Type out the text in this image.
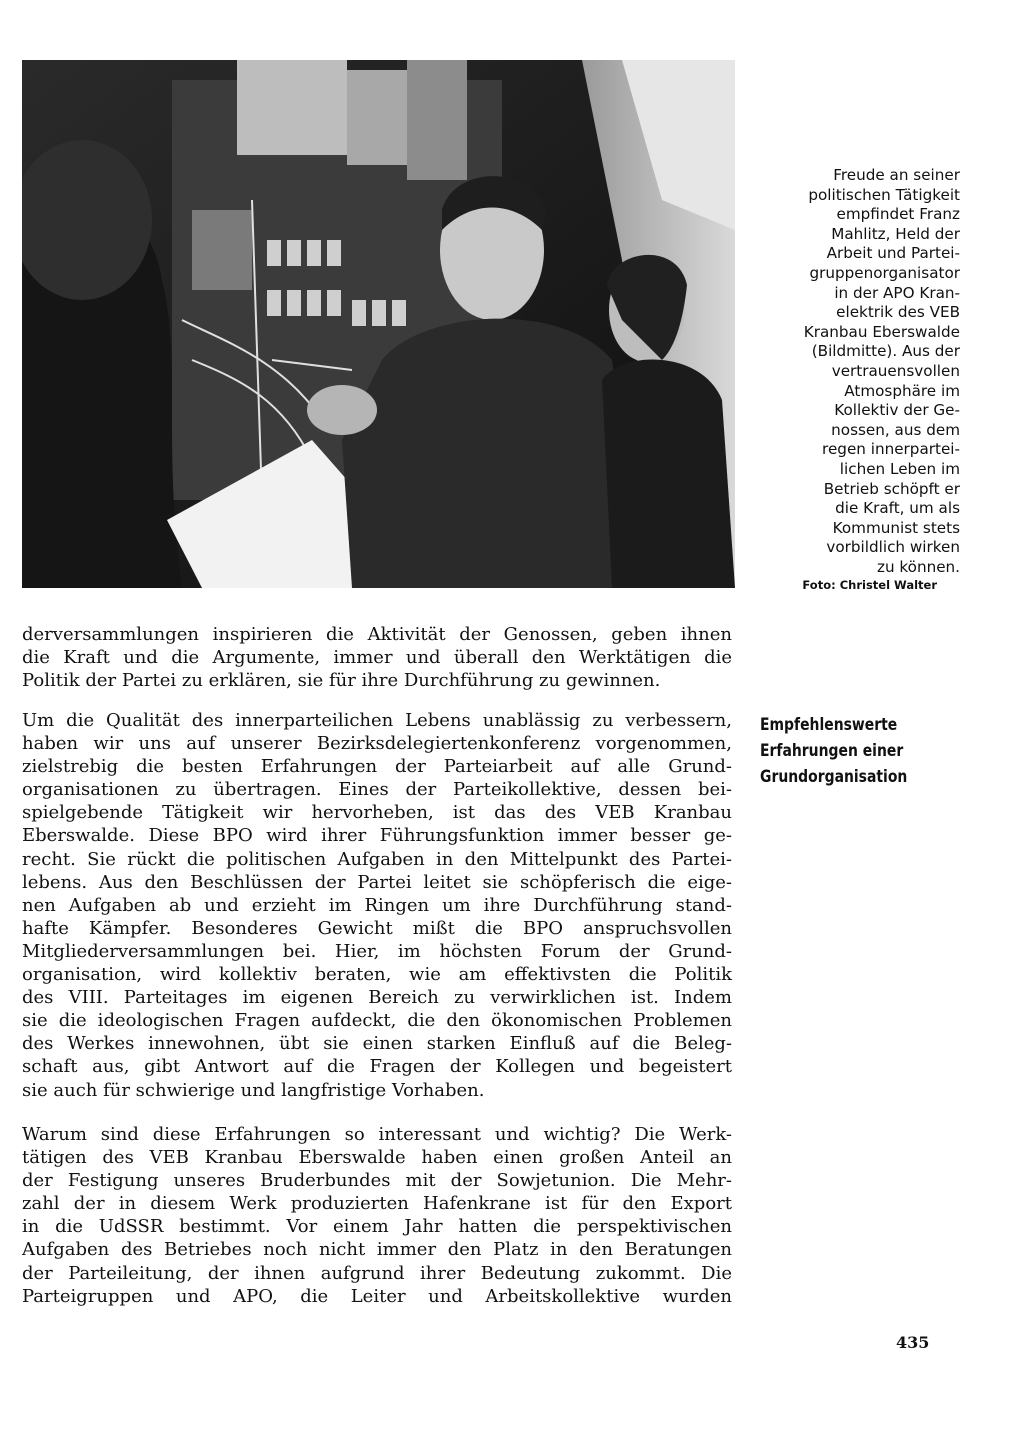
Freude an seiner
politischen Tätigkeit
empfindet Franz
Mahlitz, Held der
Arbeit und Partei-
gruppenorganisator
in der APO Kran-
elektrik des VEB
Kranbau Eberswalde
(Bildmitte). Aus der
vertrauensvollen
Atmosphäre im
Kollektiv der Ge-
nossen, aus dem
regen innerpartei-
lichen Leben im
Betrieb schöpft er
die Kraft, um als
Kommunist stets
vorbildlich wirken
zu können.
Foto: Christel Walter
derversammlungen inspirieren die Aktivität der Genossen, geben ihnen
die Kraft und die Argumente, immer und überall den Werktätigen die
Politik der Partei zu erklären, sie für ihre Durchführung zu gewinnen.
Empfehlenswerte
Erfahrungen einer
Grundorganisation
Um die Qualität des innerparteilichen Lebens unablässig zu verbessern,
haben wir uns auf unserer Bezirksdelegiertenkonferenz vorgenommen,
zielstrebig die besten Erfahrungen der Parteiarbeit auf alle Grund-
organisationen zu übertragen. Eines der Parteikollektive, dessen bei-
spielgebende Tätigkeit wir hervorheben, ist das des VEB Kranbau
Eberswalde. Diese BPO wird ihrer Führungsfunktion immer besser ge-
recht. Sie rückt die politischen Aufgaben in den Mittelpunkt des Partei-
lebens. Aus den Beschlüssen der Partei leitet sie schöpferisch die eige-
nen Aufgaben ab und erzieht im Ringen um ihre Durchführung stand-
hafte Kämpfer. Besonderes Gewicht mißt die BPO anspruchsvollen
Mitgliederversammlungen bei. Hier, im höchsten Forum der Grund-
organisation, wird kollektiv beraten, wie am effektivsten die Politik
des VIII. Parteitages im eigenen Bereich zu verwirklichen ist. Indem
sie die ideologischen Fragen aufdeckt, die den ökonomischen Problemen
des Werkes innewohnen, übt sie einen starken Einfluß auf die Beleg-
schaft aus, gibt Antwort auf die Fragen der Kollegen und begeistert
sie auch für schwierige und langfristige Vorhaben.
Warum sind diese Erfahrungen so interessant und wichtig? Die Werk-
tätigen des VEB Kranbau Eberswalde haben einen großen Anteil an
der Festigung unseres Bruderbundes mit der Sowjetunion. Die Mehr-
zahl der in diesem Werk produzierten Hafenkrane ist für den Export
in die UdSSR bestimmt. Vor einem Jahr hatten die perspektivischen
Aufgaben des Betriebes noch nicht immer den Platz in den Beratungen
der Parteileitung, der ihnen aufgrund ihrer Bedeutung zukommt. Die
Parteigruppen und APO, die Leiter und Arbeitskollektive wurden
435
